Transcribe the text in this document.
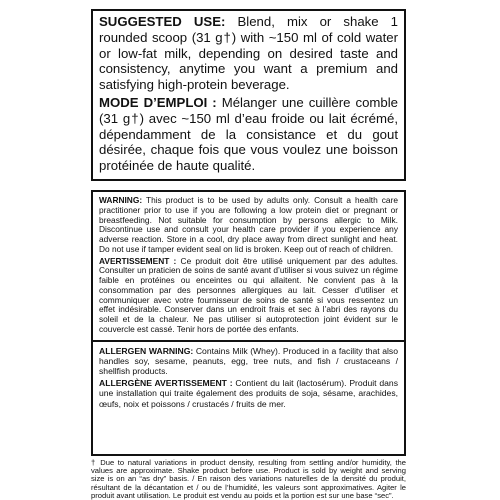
SUGGESTED USE: Blend, mix or shake 1 rounded scoop (31 g†) with ~150 ml of cold water or low-fat milk, depending on desired taste and consistency, anytime you want a premium and satisfying high-protein beverage.
MODE D’EMPLOI : Mélanger une cuillère comble (31 g†) avec ~150 ml d’eau froide ou lait écrémé, dépendamment de la consistance et du gout désirée, chaque fois que vous voulez une boisson protéinée de haute qualité.
WARNING: This product is to be used by adults only. Consult a health care practitioner prior to use if you are following a low protein diet or pregnant or breastfeeding. Not suitable for consumption by persons allergic to Milk. Discontinue use and consult your health care provider if you experience any adverse reaction. Store in a cool, dry place away from direct sunlight and heat. Do not use if tamper evident seal on lid is broken. Keep out of reach of children.
AVERTISSEMENT : Ce produit doit être utilisé uniquement par des adultes. Consulter un praticien de soins de santé avant d’utiliser si vous suivez un régime faible en protéines ou enceintes ou qui allaitent. Ne convient pas à la consommation par des personnes allergiques au lait. Cesser d’utiliser et communiquer avec votre fournisseur de soins de santé si vous ressentez un effet indésirable. Conserver dans un endroit frais et sec à l’abri des rayons du soleil et de la chaleur. Ne pas utiliser si autoprotection joint évident sur le couvercle est cassé. Tenir hors de portée des enfants.
ALLERGEN WARNING: Contains Milk (Whey). Produced in a facility that also handles soy, sesame, peanuts, egg, tree nuts, and fish / crustaceans / shellfish products.
ALLERGÈNE AVERTISSEMENT : Contient du lait (lactosérum). Produit dans une installation qui traite également des produits de soja, sésame, arachides, œufs, noix et poissons / crustacés / fruits de mer.
† Due to natural variations in product density, resulting from settling and/or humidity, the values are approximate. Shake product before use. Product is sold by weight and serving size is on an “as dry” basis. / En raison des variations naturelles de la densité du produit, résultant de la décantation et / ou de l’humidité, les valeurs sont approximatives. Agiter le produit avant utilisation. Le produit est vendu au poids et la portion est sur une base “sec”.
